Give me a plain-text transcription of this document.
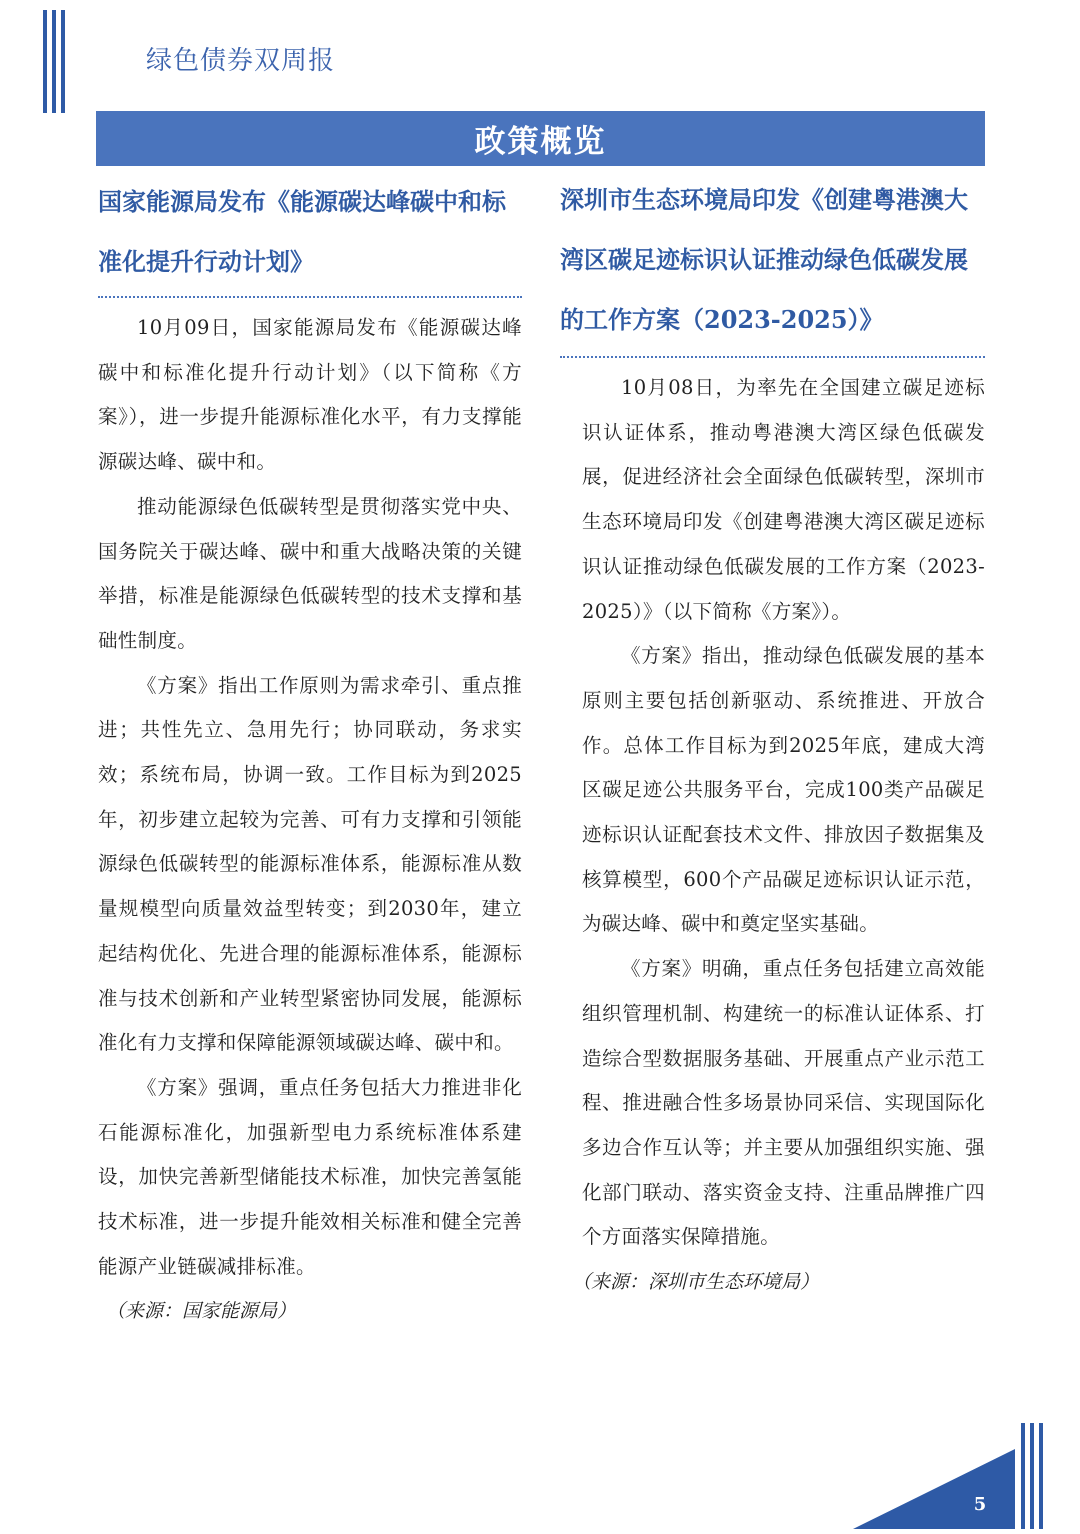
绿色债券双周报
政策概览
国家能源局发布《能源碳达峰碳中和标准化提升行动计划》

10月09日，国家能源局发布《能源碳达峰碳中和标准化提升行动计划》（以下简称《方案》），进一步提升能源标准化水平，有力支撑能源碳达峰、碳中和。

推动能源绿色低碳转型是贯彻落实党中央、国务院关于碳达峰、碳中和重大战略决策的关键举措，标准是能源绿色低碳转型的技术支撑和基础性制度。

《方案》指出工作原则为需求牵引、重点推进；共性先立、急用先行；协同联动，务求实效；系统布局，协调一致。工作目标为到2025年，初步建立起较为完善、可有力支撑和引领能源绿色低碳转型的能源标准体系，能源标准从数量规模型向质量效益型转变；到2030年，建立起结构优化、先进合理的能源标准体系，能源标准与技术创新和产业转型紧密协同发展，能源标准化有力支撑和保障能源领域碳达峰、碳中和。

《方案》强调，重点任务包括大力推进非化石能源标准化，加强新型电力系统标准体系建设，加快完善新型储能技术标准，加快完善氢能技术标准，进一步提升能效相关标准和健全完善能源产业链碳减排标准。

（来源：国家能源局）

深圳市生态环境局印发《创建粤港澳大湾区碳足迹标识认证推动绿色低碳发展的工作方案（2023-2025）》

10月08日，为率先在全国建立碳足迹标识认证体系，推动粤港澳大湾区绿色低碳发展，促进经济社会全面绿色低碳转型，深圳市生态环境局印发《创建粤港澳大湾区碳足迹标识认证推动绿色低碳发展的工作方案（2023-2025）》（以下简称《方案》）。

《方案》指出，推动绿色低碳发展的基本原则主要包括创新驱动、系统推进、开放合作。总体工作目标为到2025年底，建成大湾区碳足迹公共服务平台，完成100类产品碳足迹标识认证配套技术文件、排放因子数据集及核算模型，600个产品碳足迹标识认证示范，为碳达峰、碳中和奠定坚实基础。

《方案》明确，重点任务包括建立高效能组织管理机制、构建统一的标准认证体系、打造综合型数据服务基础、开展重点产业示范工程、推进融合性多场景协同采信、实现国际化多边合作互认等；并主要从加强组织实施、强化部门联动、落实资金支持、注重品牌推广四个方面落实保障措施。

（来源：深圳市生态环境局）

5
